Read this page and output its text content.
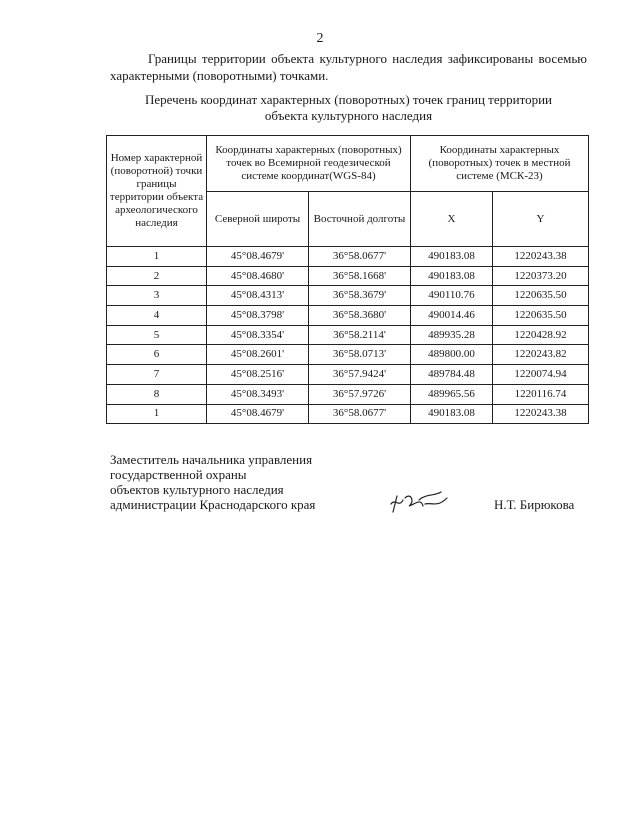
2

Границы территории объекта культурного наследия зафиксированы восемью характерными (поворотными) точками.

Перечень координат характерных (поворотных) точек границ территории
объекта культурного наследия
Номер характерной (поворотной) точки границы территории объекта археологического наследия	Координаты характерных (поворотных) точек во Всемирной геодезической системе координат(WGS-84)		Координаты характерных (поворотных) точек в местной системе (МСК-23)	
	Северной широты	Восточной долготы	X	Y
1	45°08.4679'	36°58.0677'	490183.08	1220243.38
2	45°08.4680'	36°58.1668'	490183.08	1220373.20
3	45°08.4313'	36°58.3679'	490110.76	1220635.50
4	45°08.3798'	36°58.3680'	490014.46	1220635.50
5	45°08.3354'	36°58.2114'	489935.28	1220428.92
6	45°08.2601'	36°58.0713'	489800.00	1220243.82
7	45°08.2516'	36°57.9424'	489784.48	1220074.94
8	45°08.3493'	36°57.9726'	489965.56	1220116.74
1	45°08.4679'	36°58.0677'	490183.08	1220243.38
Заместитель начальника управления
государственной охраны
объектов культурного наследия
администрации Краснодарского края	Н.Т. Бирюкова
